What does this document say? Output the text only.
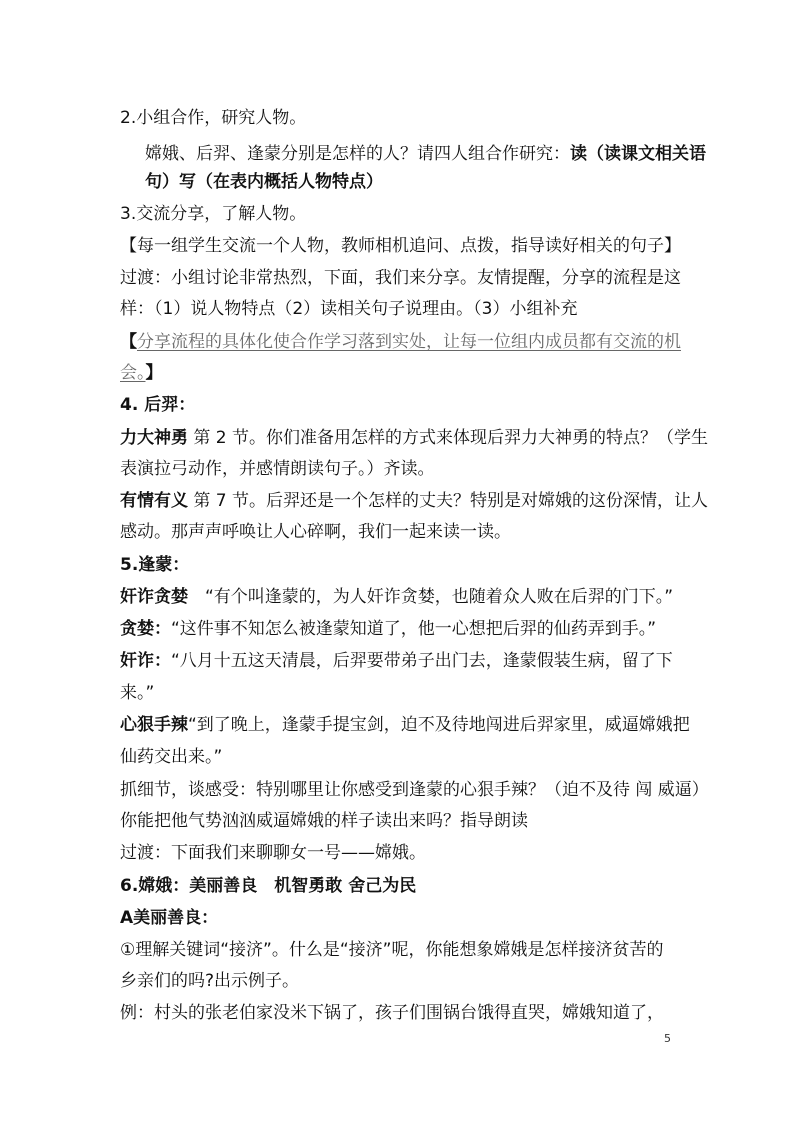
2.小组合作，研究人物。
嫦娥、后羿、逢蒙分别是怎样的人？请四人组合作研究：读（读课文相关语
句）写（在表内概括人物特点）
3.交流分享，了解人物。
【每一组学生交流一个人物，教师相机追问、点拨，指导读好相关的句子】
过渡：小组讨论非常热烈，下面，我们来分享。友情提醒，分享的流程是这
样：（1）说人物特点（2）读相关句子说理由。（3）小组补充
【分享流程的具体化使合作学习落到实处，让每一位组内成员都有交流的机
会。】
4. 后羿：
力大神勇 第 2 节。你们准备用怎样的方式来体现后羿力大神勇的特点？（学生
表演拉弓动作，并感情朗读句子。）齐读。
有情有义 第 7 节。后羿还是一个怎样的丈夫？特别是对嫦娥的这份深情，让人
感动。那声声呼唤让人心碎啊，我们一起来读一读。
5.逢蒙：
奸诈贪婪　“有个叫逢蒙的，为人奸诈贪婪，也随着众人败在后羿的门下。”
贪婪：“这件事不知怎么被逢蒙知道了，他一心想把后羿的仙药弄到手。”
奸诈：“八月十五这天清晨，后羿要带弟子出门去，逢蒙假装生病，留了下
来。”
心狠手辣“到了晚上，逢蒙手提宝剑，迫不及待地闯进后羿家里，威逼嫦娥把
仙药交出来。”
抓细节，谈感受：特别哪里让你感受到逢蒙的心狠手辣？（迫不及待 闯 威逼）
你能把他气势汹汹威逼嫦娥的样子读出来吗？指导朗读
过渡：下面我们来聊聊女一号——嫦娥。
6.嫦娥：美丽善良　机智勇敢 舍己为民
A美丽善良：
①理解关键词“接济”。什么是“接济”呢，你能想象嫦娥是怎样接济贫苦的
乡亲们的吗?出示例子。
例：村头的张老伯家没米下锅了，孩子们围锅台饿得直哭，嫦娥知道了，
5
